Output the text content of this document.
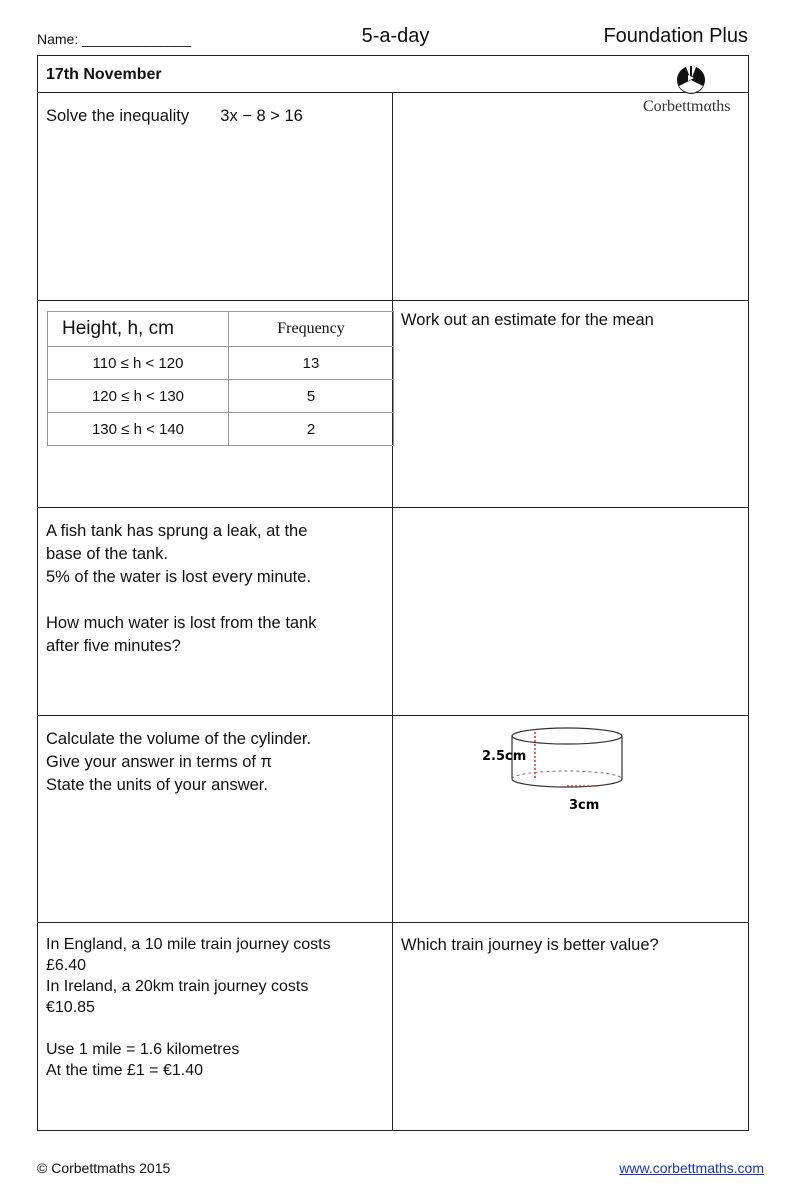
Name: ______________	5-a-day	Foundation Plus
17th November
Corbettmαths
Solve the inequality 3x − 8 > 16
Height, h, cm	Frequency
110 ≤ h < 120	13
120 ≤ h < 130	5
130 ≤ h < 140	2
Work out an estimate for the mean

A fish tank has sprung a leak, at the

base of the tank.

5% of the water is lost every minute.

How much water is lost from the tank

after five minutes?

Calculate the volume of the cylinder.

Give your answer in terms of π

State the units of your answer.

2.5cm
3cm

In England, a 10 mile train journey costs

£6.40

In Ireland, a 20km train journey costs

€10.85

Use 1 mile = 1.6 kilometres

At the time £1 = €1.40

Which train journey is better value?
© Corbettmaths 2015	www.corbettmaths.com
